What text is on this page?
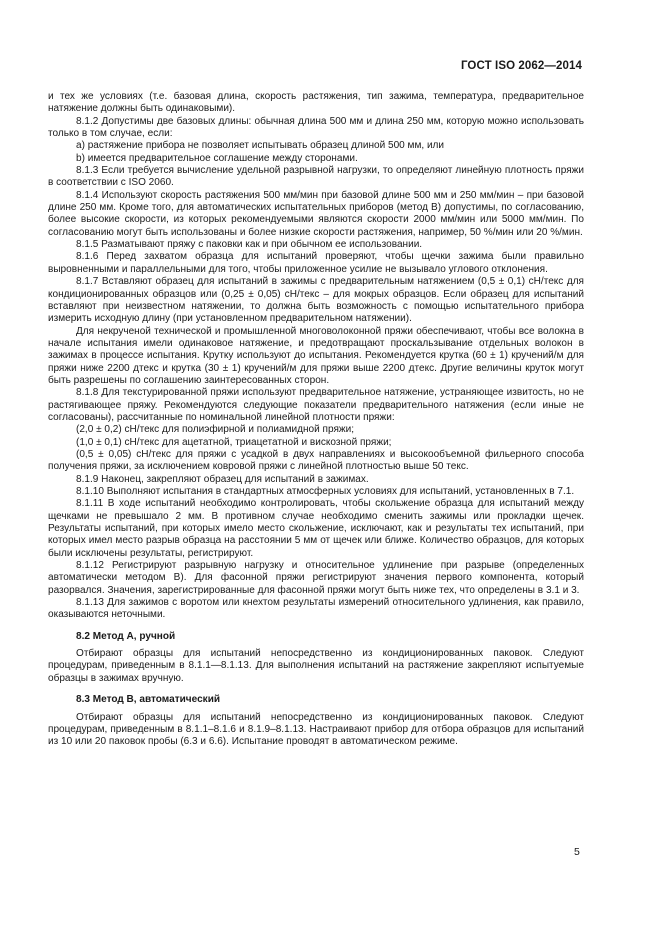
ГОСТ ISO 2062—2014

и тех же условиях (т.е. базовая длина, скорость растяжения, тип зажима, температура, предварительное натяжение должны быть одинаковыми).

8.1.2 Допустимы две базовых длины: обычная длина 500 мм и длина 250 мм, которую можно использовать только в том случае, если:

a) растяжение прибора не позволяет испытывать образец длиной 500 мм, или

b) имеется предварительное соглашение между сторонами.

8.1.3 Если требуется вычисление удельной разрывной нагрузки, то определяют линейную плотность пряжи в соответствии с ISO 2060.

8.1.4 Используют скорость растяжения 500 мм/мин при базовой длине 500 мм и 250 мм/мин – при базовой длине 250 мм. Кроме того, для автоматических испытательных приборов (метод B) допустимы, по согласованию, более высокие скорости, из которых рекомендуемыми являются скорости 2000 мм/мин или 5000 мм/мин. По согласованию могут быть использованы и более низкие скорости растяжения, например, 50 %/мин или 20 %/мин.

8.1.5 Разматывают пряжу с паковки как и при обычном ее использовании.

8.1.6 Перед захватом образца для испытаний проверяют, чтобы щечки зажима были правильно выровненными и параллельными для того, чтобы приложенное усилие не вызывало углового отклонения.

8.1.7 Вставляют образец для испытаний в зажимы с предварительным натяжением (0,5 ± 0,1) сН/текс для кондиционированных образцов или (0,25 ± 0,05) сН/текс – для мокрых образцов. Если образец для испытаний вставляют при неизвестном натяжении, то должна быть возможность с помощью испытательного прибора измерить исходную длину (при установленном предварительном натяжении).

Для некрученой технической и промышленной многоволоконной пряжи обеспечивают, чтобы все волокна в начале испытания имели одинаковое натяжение, и предотвращают проскальзывание отдельных волокон в зажимах в процессе испытания. Крутку используют до испытания. Рекомендуется крутка (60 ± 1) кручений/м для пряжи ниже 2200 дтекс и крутка (30 ± 1) кручений/м для пряжи выше 2200 дтекс. Другие величины круток могут быть разрешены по соглашению заинтересованных сторон.

8.1.8 Для текстурированной пряжи используют предварительное натяжение, устраняющее извитость, но не растягивающее пряжу. Рекомендуются следующие показатели предварительного натяжения (если иные не согласованы), рассчитанные по номинальной линейной плотности пряжи:

(2,0 ± 0,2) сН/текс для полиэфирной и полиамидной пряжи;

(1,0 ± 0,1) сН/текс для ацетатной, триацетатной и вискозной пряжи;

(0,5 ± 0,05) сН/текс для пряжи с усадкой в двух направлениях и высокообъемной фильерного способа получения пряжи, за исключением ковровой пряжи с линейной плотностью выше 50 текс.

8.1.9 Наконец, закрепляют образец для испытаний в зажимах.

8.1.10 Выполняют испытания в стандартных атмосферных условиях для испытаний, установленных в 7.1.

8.1.11 В ходе испытаний необходимо контролировать, чтобы скольжение образца для испытаний между щечками не превышало 2 мм. В противном случае необходимо сменить зажимы или прокладки щечек. Результаты испытаний, при которых имело место скольжение, исключают, как и результаты тех испытаний, при которых имел место разрыв образца на расстоянии 5 мм от щечек или ближе. Количество образцов, для которых были исключены результаты, регистрируют.

8.1.12 Регистрируют разрывную нагрузку и относительное удлинение при разрыве (определенных автоматически методом B). Для фасонной пряжи регистрируют значения первого компонента, который разорвался. Значения, зарегистрированные для фасонной пряжи могут быть ниже тех, что определены в 3.1 и 3.

8.1.13 Для зажимов с воротом или кнехтом результаты измерений относительного удлинения, как правило, оказываются неточными.

8.2 Метод А, ручной

Отбирают образцы для испытаний непосредственно из кондиционированных паковок. Следуют процедурам, приведенным в 8.1.1—8.1.13. Для выполнения испытаний на растяжение закрепляют испытуемые образцы в зажимах вручную.

8.3 Метод В, автоматический

Отбирают образцы для испытаний непосредственно из кондиционированных паковок. Следуют процедурам, приведенным в 8.1.1–8.1.6 и 8.1.9–8.1.13. Настраивают прибор для отбора образцов для испытаний из 10 или 20 паковок пробы (6.3 и 6.6). Испытание проводят в автоматическом режиме.

5
